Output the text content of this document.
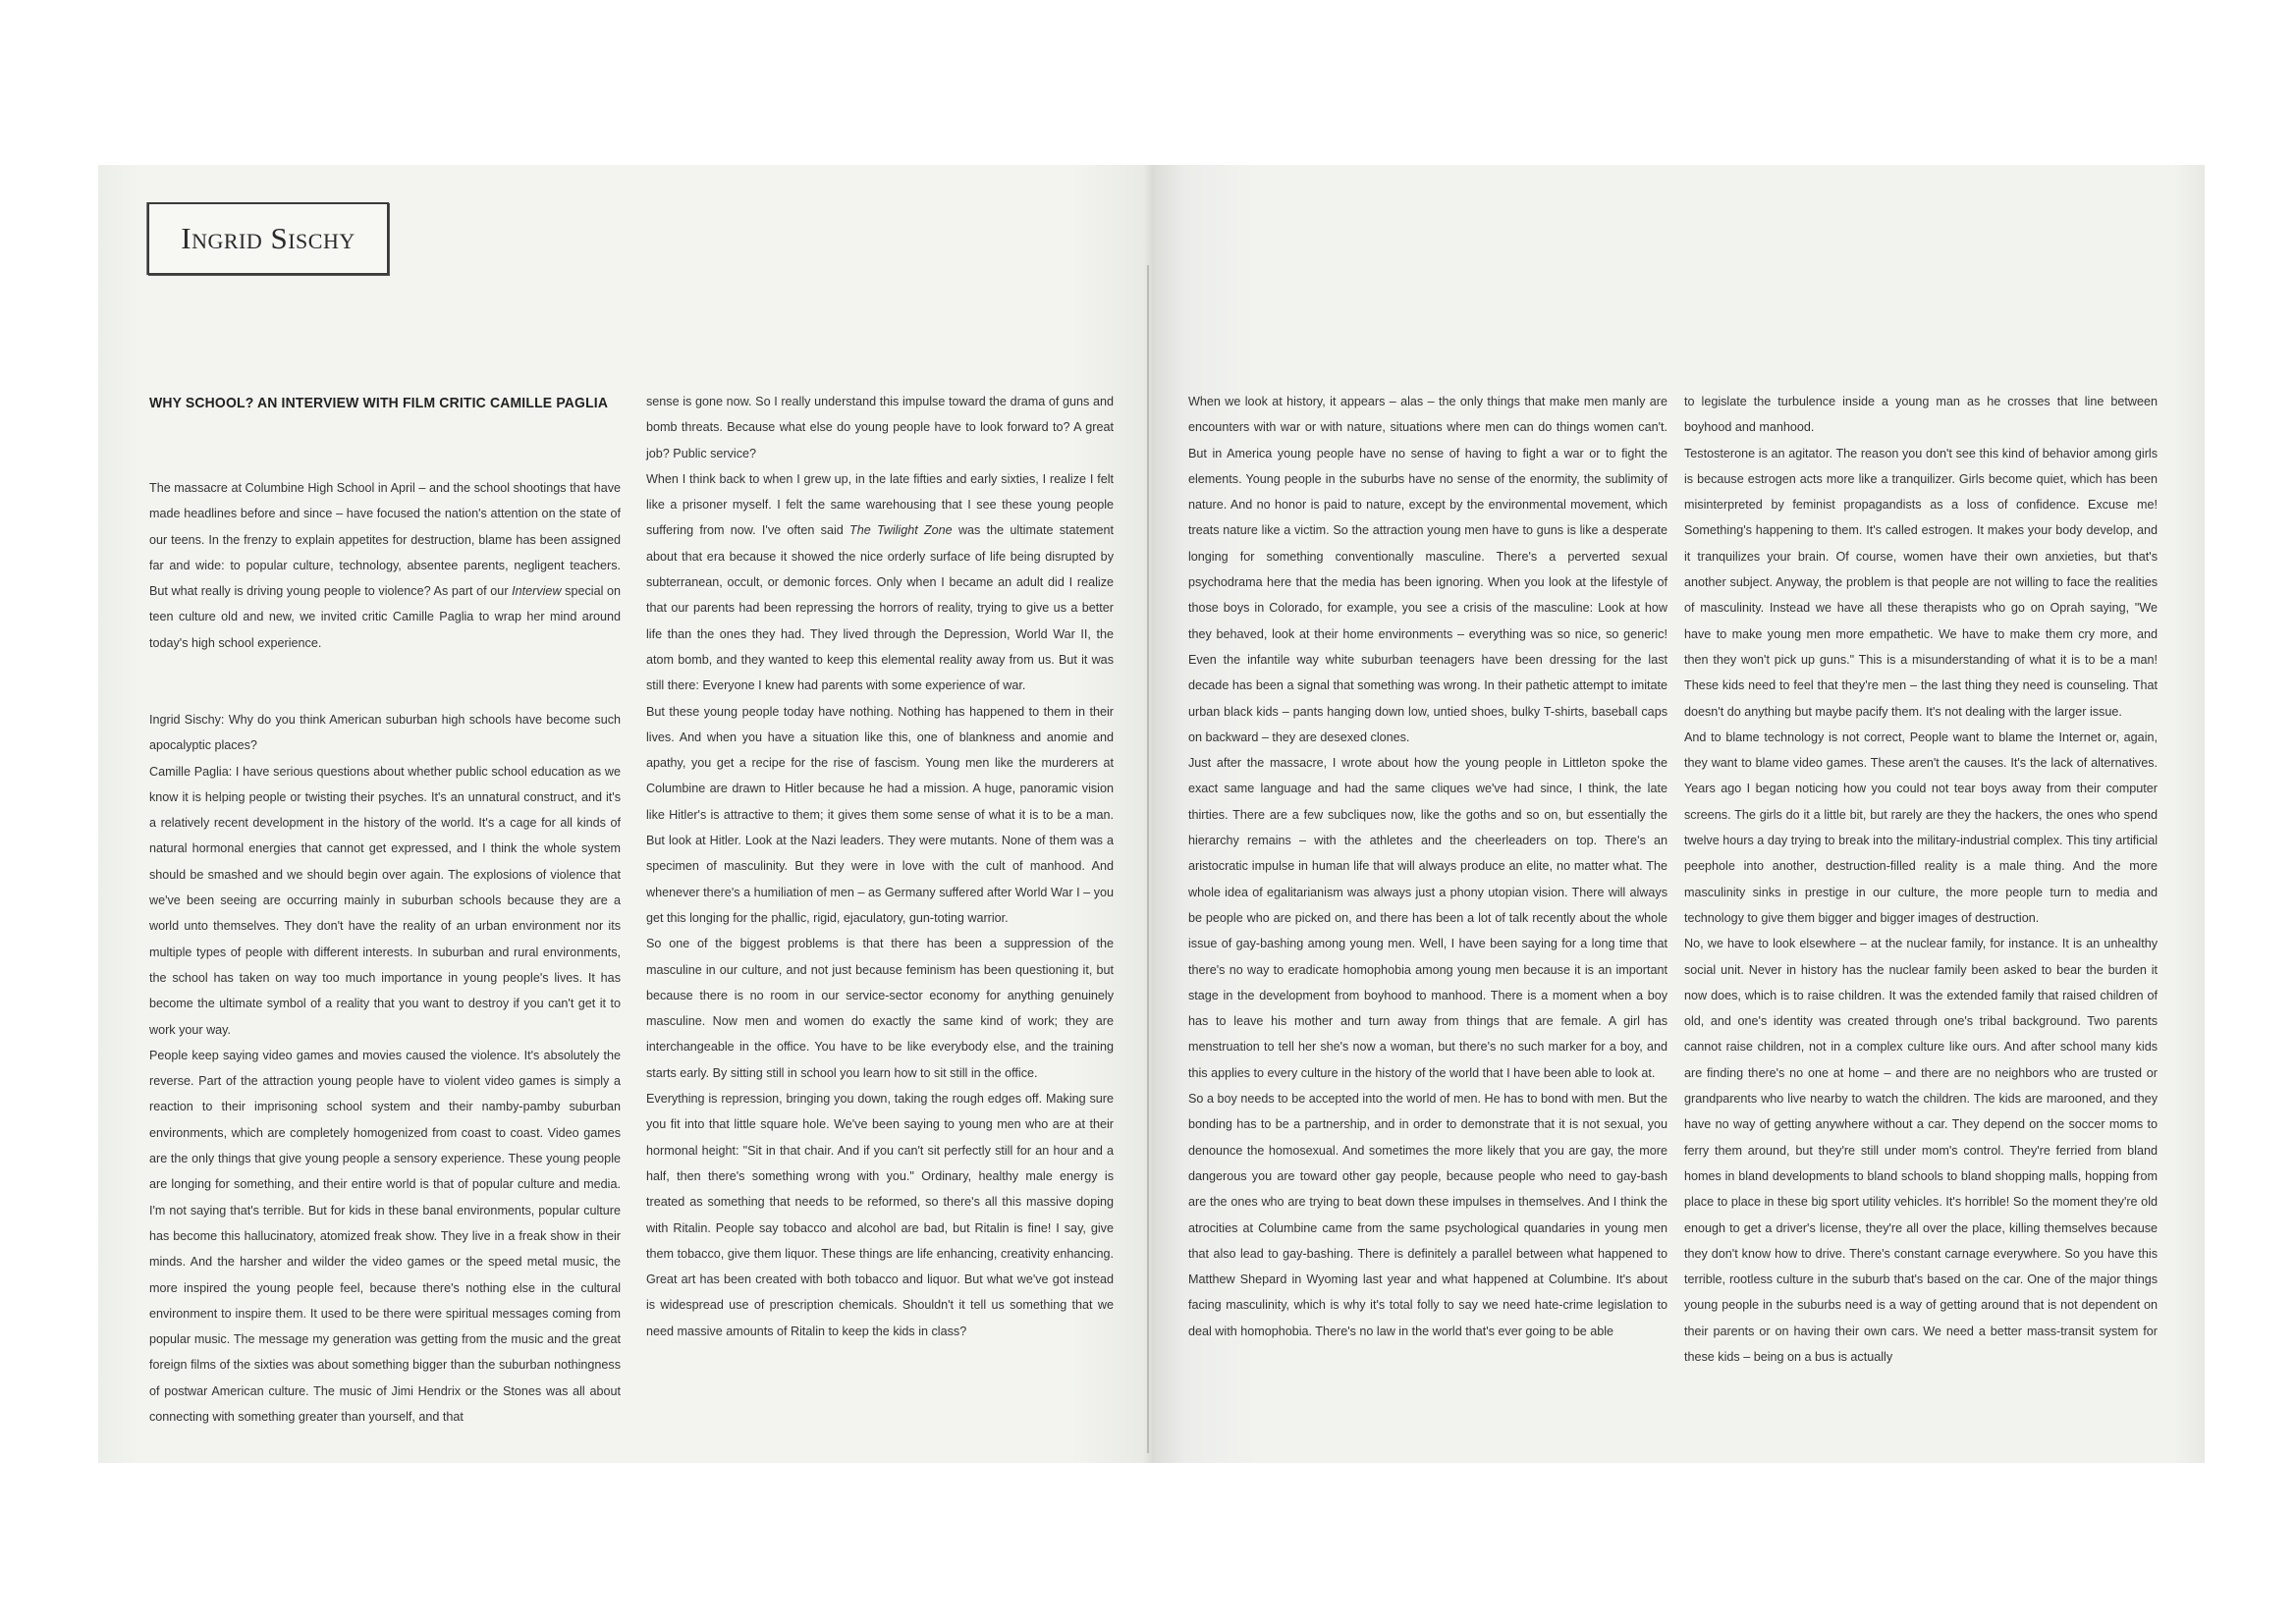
Ingrid Sischy
WHY SCHOOL? AN INTERVIEW WITH FILM CRITIC CAMILLE PAGLIA

The massacre at Columbine High School in April – and the school shootings that have made headlines before and since – have focused the nation's attention on the state of our teens. In the frenzy to explain appetites for destruction, blame has been assigned far and wide: to popular culture, technology, absentee parents, negligent teachers. But what really is driving young people to violence? As part of our Interview special on teen culture old and new, we invited critic Camille Paglia to wrap her mind around today's high school experience.

Ingrid Sischy: Why do you think American suburban high schools have become such apocalyptic places?

Camille Paglia: I have serious questions about whether public school education as we know it is helping people or twisting their psyches. It's an unnatural construct, and it's a relatively recent development in the history of the world. It's a cage for all kinds of natural hormonal energies that cannot get expressed, and I think the whole system should be smashed and we should begin over again. The explosions of violence that we've been seeing are occurring mainly in suburban schools because they are a world unto themselves. They don't have the reality of an urban environment nor its multiple types of people with different interests. In suburban and rural environments, the school has taken on way too much importance in young people's lives. It has become the ultimate symbol of a reality that you want to destroy if you can't get it to work your way.

People keep saying video games and movies caused the violence. It's absolutely the reverse. Part of the attraction young people have to violent video games is simply a reaction to their imprisoning school system and their namby-pamby suburban environments, which are completely homogenized from coast to coast. Video games are the only things that give young people a sensory experience. These young people are longing for something, and their entire world is that of popular culture and media. I'm not saying that's terrible. But for kids in these banal environments, popular culture has become this hallucinatory, atomized freak show. They live in a freak show in their minds. And the harsher and wilder the video games or the speed metal music, the more inspired the young people feel, because there's nothing else in the cultural environment to inspire them. It used to be there were spiritual messages coming from popular music. The message my generation was getting from the music and the great foreign films of the sixties was about something bigger than the suburban nothingness of postwar American culture. The music of Jimi Hendrix or the Stones was all about connecting with something greater than yourself, and that

sense is gone now. So I really understand this impulse toward the drama of guns and bomb threats. Because what else do young people have to look forward to? A great job? Public service?

When I think back to when I grew up, in the late fifties and early sixties, I realize I felt like a prisoner myself. I felt the same warehousing that I see these young people suffering from now. I've often said The Twilight Zone was the ultimate statement about that era because it showed the nice orderly surface of life being disrupted by subterranean, occult, or demonic forces. Only when I became an adult did I realize that our parents had been repressing the horrors of reality, trying to give us a better life than the ones they had. They lived through the Depression, World War II, the atom bomb, and they wanted to keep this elemental reality away from us. But it was still there: Everyone I knew had parents with some experience of war.

But these young people today have nothing. Nothing has happened to them in their lives. And when you have a situation like this, one of blankness and anomie and apathy, you get a recipe for the rise of fascism. Young men like the murderers at Columbine are drawn to Hitler because he had a mission. A huge, panoramic vision like Hitler's is attractive to them; it gives them some sense of what it is to be a man. But look at Hitler. Look at the Nazi leaders. They were mutants. None of them was a specimen of masculinity. But they were in love with the cult of manhood. And whenever there's a humiliation of men – as Germany suffered after World War I – you get this longing for the phallic, rigid, ejaculatory, gun-toting warrior.

So one of the biggest problems is that there has been a suppression of the masculine in our culture, and not just because feminism has been questioning it, but because there is no room in our service-sector economy for anything genuinely masculine. Now men and women do exactly the same kind of work; they are interchangeable in the office. You have to be like everybody else, and the training starts early. By sitting still in school you learn how to sit still in the office.

Everything is repression, bringing you down, taking the rough edges off. Making sure you fit into that little square hole. We've been saying to young men who are at their hormonal height: "Sit in that chair. And if you can't sit perfectly still for an hour and a half, then there's something wrong with you." Ordinary, healthy male energy is treated as something that needs to be reformed, so there's all this massive doping with Ritalin. People say tobacco and alcohol are bad, but Ritalin is fine! I say, give them tobacco, give them liquor. These things are life enhancing, creativity enhancing. Great art has been created with both tobacco and liquor. But what we've got instead is widespread use of prescription chemicals. Shouldn't it tell us something that we need massive amounts of Ritalin to keep the kids in class?

When we look at history, it appears – alas – the only things that make men manly are encounters with war or with nature, situations where men can do things women can't. But in America young people have no sense of having to fight a war or to fight the elements. Young people in the suburbs have no sense of the enormity, the sublimity of nature. And no honor is paid to nature, except by the environmental movement, which treats nature like a victim. So the attraction young men have to guns is like a desperate longing for something conventionally masculine. There's a perverted sexual psychodrama here that the media has been ignoring. When you look at the lifestyle of those boys in Colorado, for example, you see a crisis of the masculine: Look at how they behaved, look at their home environments – everything was so nice, so generic! Even the infantile way white suburban teenagers have been dressing for the last decade has been a signal that something was wrong. In their pathetic attempt to imitate urban black kids – pants hanging down low, untied shoes, bulky T-shirts, baseball caps on backward – they are desexed clones.

Just after the massacre, I wrote about how the young people in Littleton spoke the exact same language and had the same cliques we've had since, I think, the late thirties. There are a few subcliques now, like the goths and so on, but essentially the hierarchy remains – with the athletes and the cheerleaders on top. There's an aristocratic impulse in human life that will always produce an elite, no matter what. The whole idea of egalitarianism was always just a phony utopian vision. There will always be people who are picked on, and there has been a lot of talk recently about the whole issue of gay-bashing among young men. Well, I have been saying for a long time that there's no way to eradicate homophobia among young men because it is an important stage in the development from boyhood to manhood. There is a moment when a boy has to leave his mother and turn away from things that are female. A girl has menstruation to tell her she's now a woman, but there's no such marker for a boy, and this applies to every culture in the history of the world that I have been able to look at.

So a boy needs to be accepted into the world of men. He has to bond with men. But the bonding has to be a partnership, and in order to demonstrate that it is not sexual, you denounce the homosexual. And sometimes the more likely that you are gay, the more dangerous you are toward other gay people, because people who need to gay-bash are the ones who are trying to beat down these impulses in themselves. And I think the atrocities at Columbine came from the same psychological quandaries in young men that also lead to gay-bashing. There is definitely a parallel between what happened to Matthew Shepard in Wyoming last year and what happened at Columbine. It's about facing masculinity, which is why it's total folly to say we need hate-crime legislation to deal with homophobia. There's no law in the world that's ever going to be able

to legislate the turbulence inside a young man as he crosses that line between boyhood and manhood.

Testosterone is an agitator. The reason you don't see this kind of behavior among girls is because estrogen acts more like a tranquilizer. Girls become quiet, which has been misinterpreted by feminist propagandists as a loss of confidence. Excuse me! Something's happening to them. It's called estrogen. It makes your body develop, and it tranquilizes your brain. Of course, women have their own anxieties, but that's another subject. Anyway, the problem is that people are not willing to face the realities of masculinity. Instead we have all these therapists who go on Oprah saying, "We have to make young men more empathetic. We have to make them cry more, and then they won't pick up guns." This is a misunderstanding of what it is to be a man! These kids need to feel that they're men – the last thing they need is counseling. That doesn't do anything but maybe pacify them. It's not dealing with the larger issue.

And to blame technology is not correct, People want to blame the Internet or, again, they want to blame video games. These aren't the causes. It's the lack of alternatives. Years ago I began noticing how you could not tear boys away from their computer screens. The girls do it a little bit, but rarely are they the hackers, the ones who spend twelve hours a day trying to break into the military-industrial complex. This tiny artificial peephole into another, destruction-filled reality is a male thing. And the more masculinity sinks in prestige in our culture, the more people turn to media and technology to give them bigger and bigger images of destruction.

No, we have to look elsewhere – at the nuclear family, for instance. It is an unhealthy social unit. Never in history has the nuclear family been asked to bear the burden it now does, which is to raise children. It was the extended family that raised children of old, and one's identity was created through one's tribal background. Two parents cannot raise children, not in a complex culture like ours. And after school many kids are finding there's no one at home – and there are no neighbors who are trusted or grandparents who live nearby to watch the children. The kids are marooned, and they have no way of getting anywhere without a car. They depend on the soccer moms to ferry them around, but they're still under mom's control. They're ferried from bland homes in bland developments to bland schools to bland shopping malls, hopping from place to place in these big sport utility vehicles. It's horrible! So the moment they're old enough to get a driver's license, they're all over the place, killing themselves because they don't know how to drive. There's constant carnage everywhere. So you have this terrible, rootless culture in the suburb that's based on the car. One of the major things young people in the suburbs need is a way of getting around that is not dependent on their parents or on having their own cars. We need a better mass-transit system for these kids – being on a bus is actually
